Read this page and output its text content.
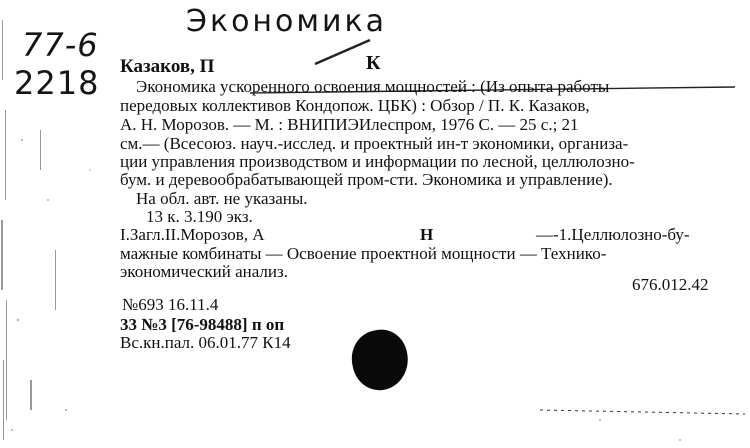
Экономика
77-6
2218 Казаков, П	К
Экономика ускоренного освоения мощностей : (Из опыта работы
передовых коллективов Кондопож. ЦБК) : Обзор / П. К. Казаков,
А. Н. Морозов. — М. : ВНИПИЭИлеспром, 1976 С. — 25 с.; 21
см.— (Всесоюз. науч.-исслед. и проектный ин-т экономики, организа-
ции управления производством и информации по лесной, целлюлозно-
бум. и деревообрабатывающей пром-сти. Экономика и управление).
На обл. авт. не указаны.
13 к. 3.190 экз.
I.Загл.II.Морозов, А	Н	—-1.Целлюлозно-бу-
мажные комбинаты — Освоение проектной мощности — Технико-
экономический анализ.
676.012.42
№693 16.11.4
33 №3 [76-98488] п оп
Вс.кн.пал. 06.01.77 К14
